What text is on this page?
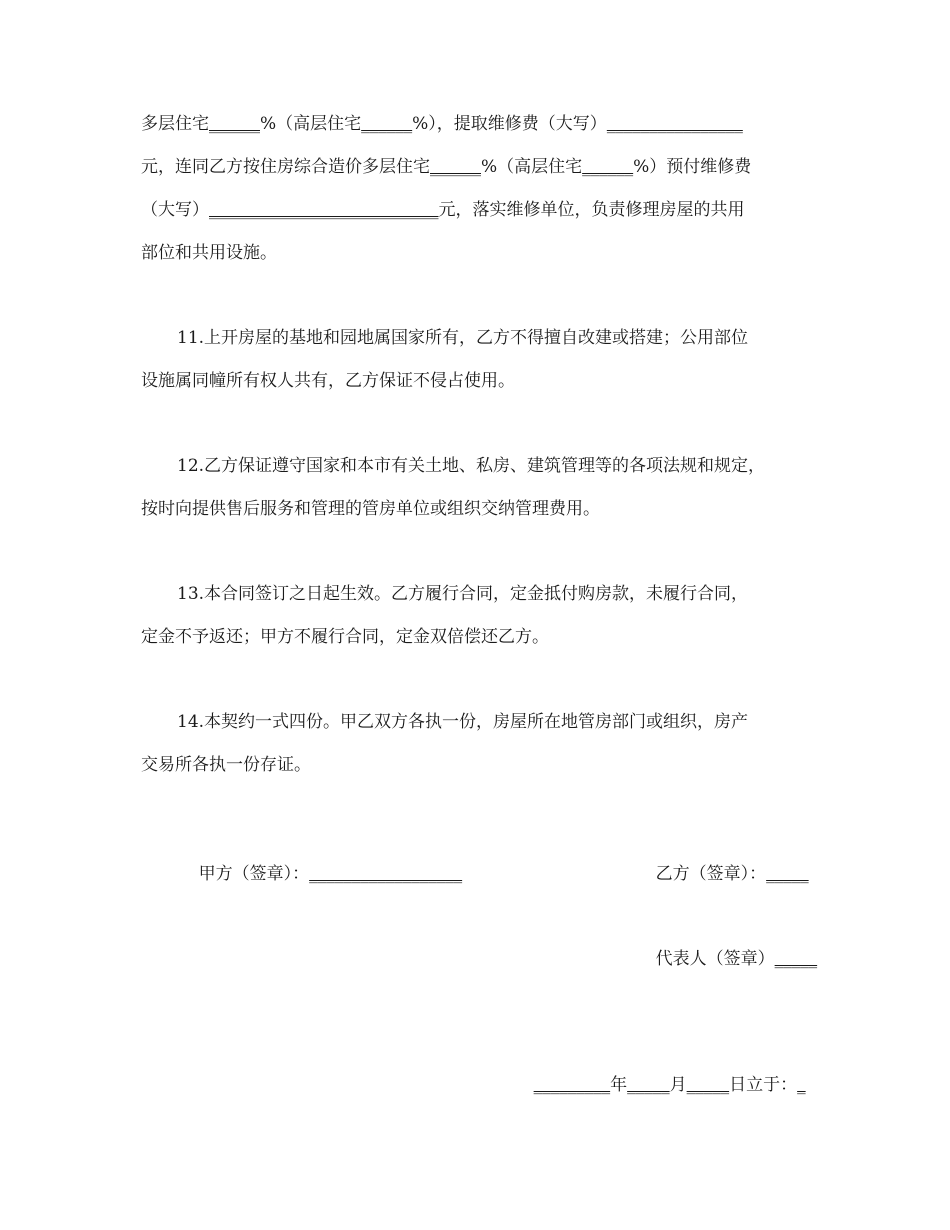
多层住宅______%（高层住宅______%），提取维修费（大写）________________
元，连同乙方按住房综合造价多层住宅______%（高层住宅______%）预付维修费
（大写）___________________________元，落实维修单位，负责修理房屋的共用
部位和共用设施。
11.上开房屋的基地和园地属国家所有，乙方不得擅自改建或搭建；公用部位
设施属同幢所有权人共有，乙方保证不侵占使用。
12.乙方保证遵守国家和本市有关土地、私房、建筑管理等的各项法规和规定，
按时向提供售后服务和管理的管房单位或组织交纳管理费用。
13.本合同签订之日起生效。乙方履行合同，定金抵付购房款，未履行合同，
定金不予返还；甲方不履行合同，定金双倍偿还乙方。
14.本契约一式四份。甲乙双方各执一份，房屋所在地管房部门或组织，房产
交易所各执一份存证。

甲方（签章）：__________________
	乙方（签章）：_____

代表人（签章）_____

_________年_____月_____日立于：_
